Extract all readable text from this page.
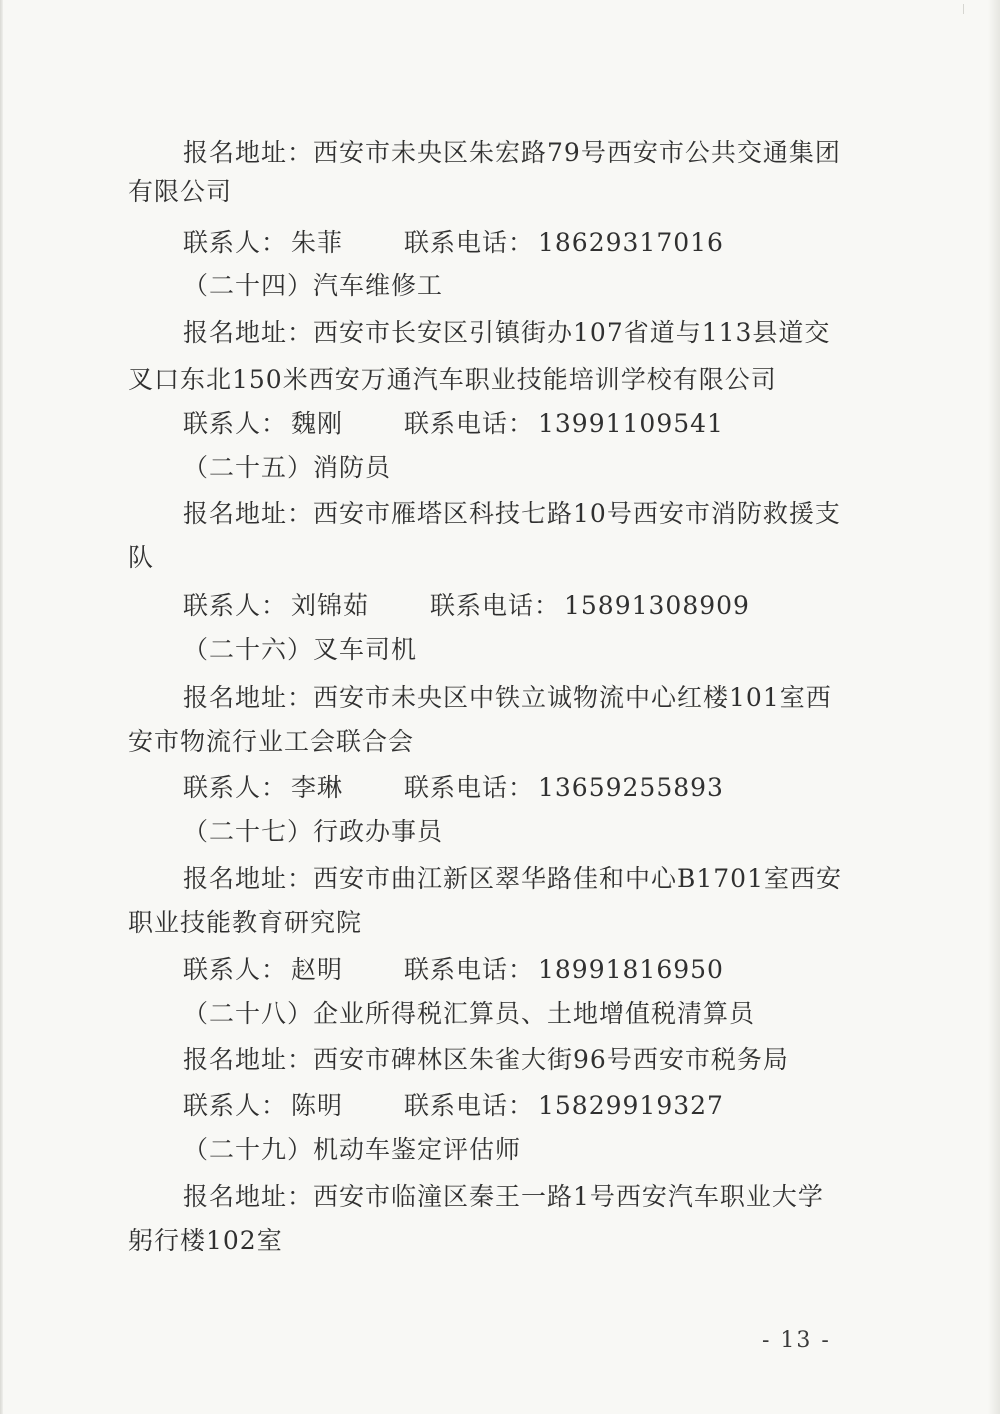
报名地址：西安市未央区朱宏路79号西安市公共交通集团
有限公司
联系人： 朱菲 联系电话： 18629317016
（二十四）汽车维修工
报名地址：西安市长安区引镇街办107省道与113县道交
叉口东北150米西安万通汽车职业技能培训学校有限公司
联系人： 魏刚 联系电话： 13991109541
（二十五）消防员
报名地址：西安市雁塔区科技七路10号西安市消防救援支
队
联系人： 刘锦茹 联系电话： 15891308909
（二十六）叉车司机
报名地址：西安市未央区中铁立诚物流中心红楼101室西
安市物流行业工会联合会
联系人： 李琳 联系电话： 13659255893
（二十七）行政办事员
报名地址：西安市曲江新区翠华路佳和中心B1701室西安
职业技能教育研究院
联系人： 赵明 联系电话： 18991816950
（二十八）企业所得税汇算员、土地增值税清算员
报名地址：西安市碑林区朱雀大街96号西安市税务局
联系人： 陈明 联系电话： 15829919327
（二十九）机动车鉴定评估师
报名地址：西安市临潼区秦王一路1号西安汽车职业大学
躬行楼102室
- 13 -
